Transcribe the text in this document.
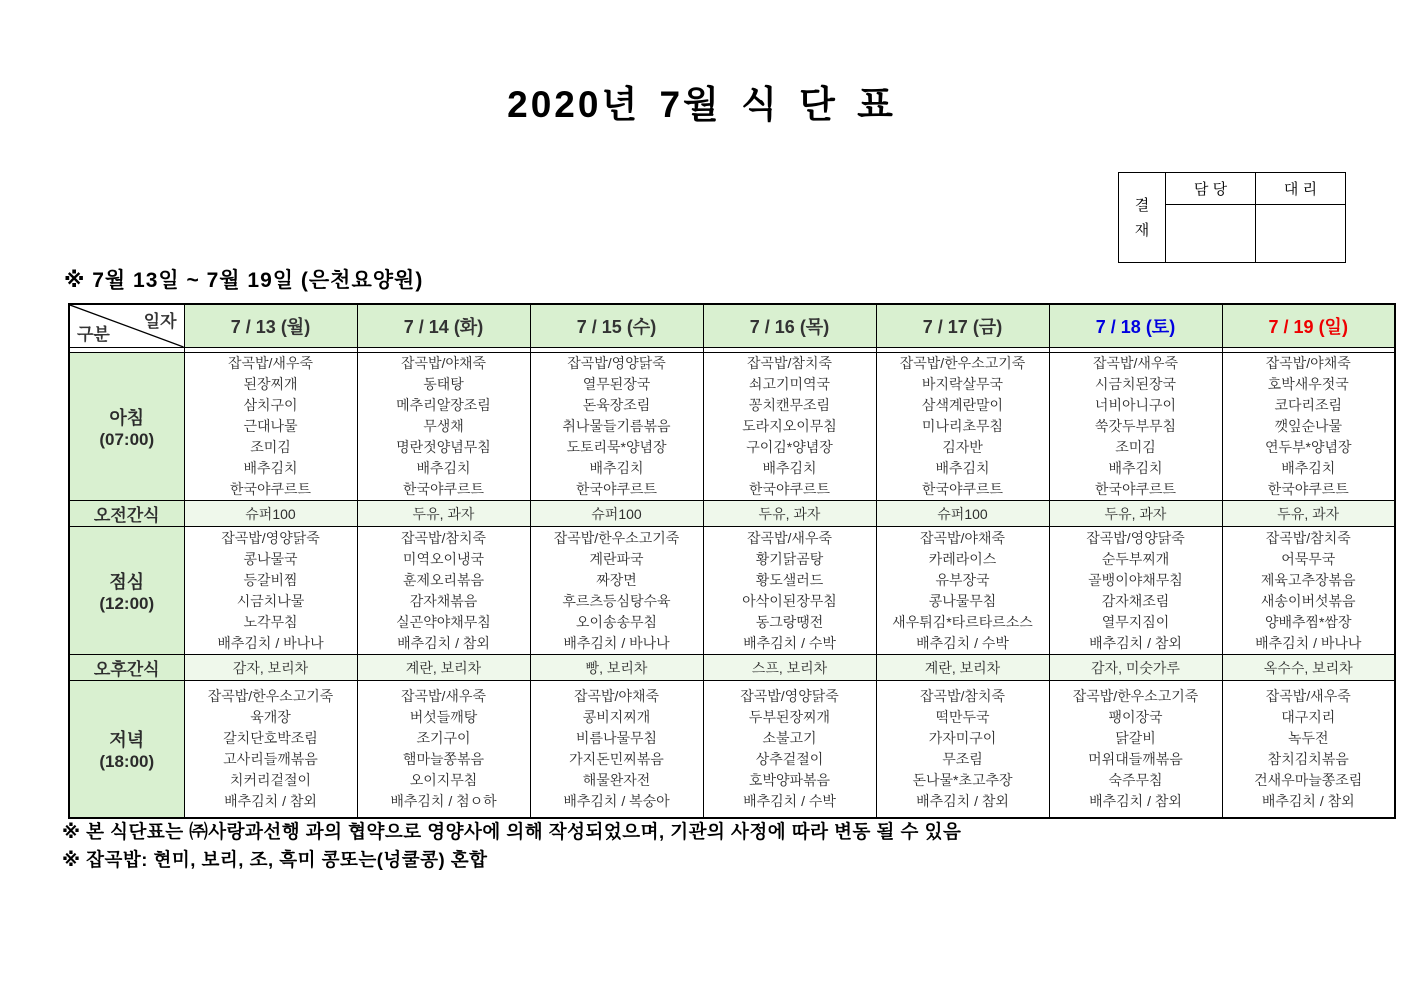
2020년 7월 식 단 표
결
재	담 당	대 리

※ 7월 13일 ~ 7월 19일 (은천요양원)
일자
구분	7 / 13 (월)	7 / 14 (화)	7 / 15 (수)	7 / 16 (목)	7 / 17 (금)	7 / 18 (토)	7 / 19 (일)

아침
(07:00)

잡곡밥/새우죽
된장찌개
삼치구이
근대나물
조미김
배추김치
한국야쿠르트

잡곡밥/야채죽
동태탕
메추리알장조림
무생채
명란젓양념무침
배추김치
한국야쿠르트

잡곡밥/영양닭죽
열무된장국
돈육장조림
취나물들기름볶음
도토리묵*양념장
배추김치
한국야쿠르트

잡곡밥/참치죽
쇠고기미역국
꽁치캔무조림
도라지오이무침
구이김*양념장
배추김치
한국야쿠르트

잡곡밥/한우소고기죽
바지락살무국
삼색계란말이
미나리초무침
김자반
배추김치
한국야쿠르트

잡곡밥/새우죽
시금치된장국
너비아니구이
쑥갓두부무침
조미김
배추김치
한국야쿠르트

잡곡밥/야채죽
호박새우젓국
코다리조림
깻잎순나물
연두부*양념장
배추김치
한국야쿠르트

오전간식	슈퍼100	두유, 과자	슈퍼100	두유, 과자	슈퍼100	두유, 과자	두유, 과자

점심
(12:00)

잡곡밥/영양닭죽
콩나물국
등갈비찜
시금치나물
노각무침
배추김치 / 바나나

잡곡밥/참치죽
미역오이냉국
훈제오리볶음
감자채볶음
실곤약야채무침
배추김치 / 참외

잡곡밥/한우소고기죽
계란파국
짜장면
후르츠등심탕수육
오이송송무침
배추김치 / 바나나

잡곡밥/새우죽
황기닭곰탕
황도샐러드
아삭이된장무침
동그랑땡전
배추김치 / 수박

잡곡밥/야채죽
카레라이스
유부장국
콩나물무침
새우튀김*타르타르소스
배추김치 / 수박

잡곡밥/영양닭죽
순두부찌개
골뱅이야채무침
감자채조림
열무지짐이
배추김치 / 참외

잡곡밥/참치죽
어묵무국
제육고추장볶음
새송이버섯볶음
양배추찜*쌈장
배추김치 / 바나나

오후간식	감자, 보리차	계란, 보리차	빵, 보리차	스프, 보리차	계란, 보리차	감자, 미숫가루	옥수수, 보리차

저녁
(18:00)

잡곡밥/한우소고기죽
육개장
갈치단호박조림
고사리들깨볶음
치커리겉절이
배추김치 / 참외

잡곡밥/새우죽
버섯들깨탕
조기구이
햄마늘쫑볶음
오이지무침
배추김치 / 첨ㅇ하

잡곡밥/야채죽
콩비지찌개
비름나물무침
가지돈민찌볶음
해물완자전
배추김치 / 복숭아

잡곡밥/영양닭죽
두부된장찌개
소불고기
상추겉절이
호박양파볶음
배추김치 / 수박

잡곡밥/참치죽
떡만두국
가자미구이
무조림
돈나물*초고추장
배추김치 / 참외

잡곡밥/한우소고기죽
팽이장국
닭갈비
머위대들깨볶음
숙주무침
배추김치 / 참외

잡곡밥/새우죽
대구지리
녹두전
참치김치볶음
건새우마늘쫑조림
배추김치 / 참외
※ 본 식단표는 ㈜사랑과선행 과의 협약으로 영양사에 의해 작성되었으며, 기관의 사정에 따라 변동 될 수 있음
※ 잡곡밥: 현미, 보리, 조, 흑미 콩또는(넝쿨콩) 혼합
